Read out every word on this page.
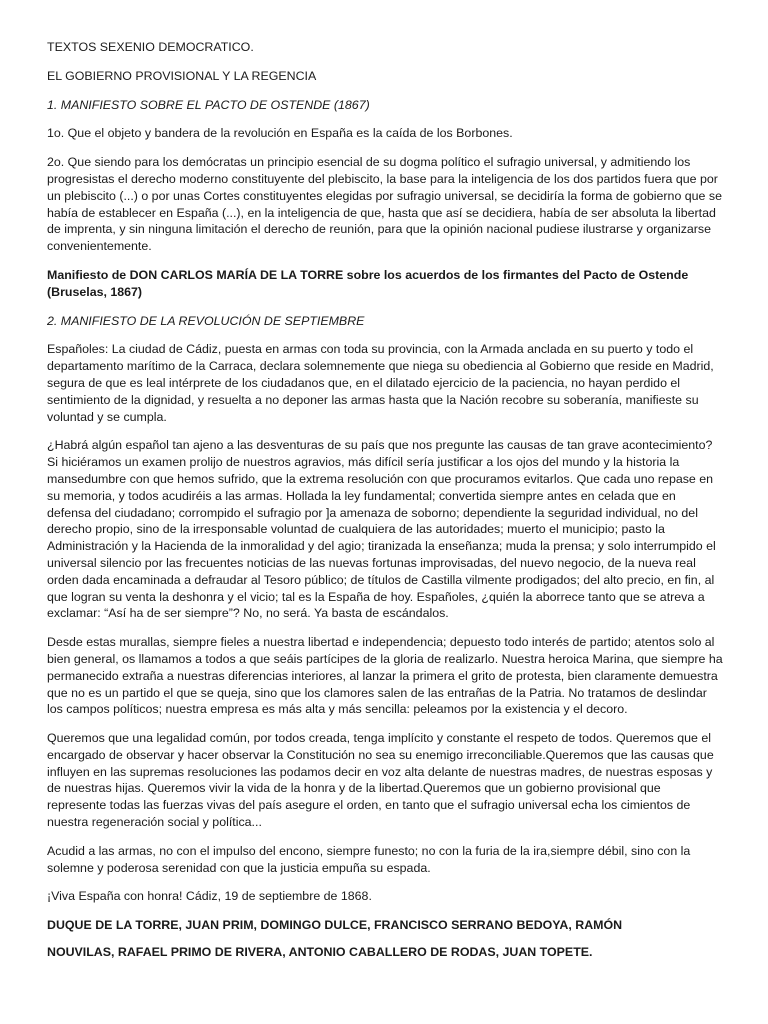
TEXTOS SEXENIO DEMOCRATICO.

EL GOBIERNO PROVISIONAL Y LA REGENCIA

1. MANIFIESTO SOBRE EL PACTO DE OSTENDE (1867)

1o. Que el objeto y bandera de la revolución en España es la caída de los Borbones.

2o. Que siendo para los demócratas un principio esencial de su dogma político el sufragio universal, y admitiendo los progresistas el derecho moderno constituyente del plebiscito, la base para la inteligencia de los dos partidos fuera que por un plebiscito (...) o por unas Cortes constituyentes elegidas por sufragio universal, se decidiría la forma de gobierno que se había de establecer en España (...), en la inteligencia de que, hasta que así se decidiera, había de ser absoluta la libertad de imprenta, y sin ninguna limitación el derecho de reunión, para que la opinión nacional pudiese ilustrarse y organizarse convenientemente.

Manifiesto de DON CARLOS MARÍA DE LA TORRE sobre los acuerdos de los firmantes del Pacto de Ostende (Bruselas, 1867)

2. MANIFIESTO DE LA REVOLUCIÓN DE SEPTIEMBRE

Españoles: La ciudad de Cádiz, puesta en armas con toda su provincia, con la Armada anclada en su puerto y todo el departamento marítimo de la Carraca, declara solemnemente que niega su obediencia al Gobierno que reside en Madrid, segura de que es leal intérprete de los ciudadanos que, en el dilatado ejercicio de la paciencia, no hayan perdido el sentimiento de la dignidad, y resuelta a no deponer las armas hasta que la Nación recobre su soberanía, manifieste su voluntad y se cumpla.

¿Habrá algún español tan ajeno a las desventuras de su país que nos pregunte las causas de tan grave acontecimiento? Si hiciéramos un examen prolijo de nuestros agravios, más difícil sería justificar a los ojos del mundo y la historia la mansedumbre con que hemos sufrido, que la extrema resolución con que procuramos evitarlos. Que cada uno repase en su memoria, y todos acudiréis a las armas. Hollada la ley fundamental; convertida siempre antes en celada que en defensa del ciudadano; corrompido el sufragio por ]a amenaza de soborno; dependiente la seguridad individual, no del derecho propio, sino de la irresponsable voluntad de cualquiera de las autoridades; muerto el municipio; pasto la Administración y la Hacienda de la inmoralidad y del agio; tiranizada la enseñanza; muda la prensa; y solo interrumpido el universal silencio por las frecuentes noticias de las nuevas fortunas improvisadas, del nuevo negocio, de la nueva real orden dada encaminada a defraudar al Tesoro público; de títulos de Castilla vilmente prodigados; del alto precio, en fin, al que logran su venta la deshonra y el vicio; tal es la España de hoy. Españoles, ¿quién la aborrece tanto que se atreva a exclamar: “Así ha de ser siempre”? No, no será. Ya basta de escándalos.

Desde estas murallas, siempre fieles a nuestra libertad e independencia; depuesto todo interés de partido; atentos solo al bien general, os llamamos a todos a que seáis partícipes de la gloria de realizarlo. Nuestra heroica Marina, que siempre ha permanecido extraña a nuestras diferencias interiores, al lanzar la primera el grito de protesta, bien claramente demuestra que no es un partido el que se queja, sino que los clamores salen de las entrañas de la Patria. No tratamos de deslindar los campos políticos; nuestra empresa es más alta y más sencilla: peleamos por la existencia y el decoro.

Queremos que una legalidad común, por todos creada, tenga implícito y constante el respeto de todos. Queremos que el encargado de observar y hacer observar la Constitución no sea su enemigo irreconciliable.Queremos que las causas que influyen en las supremas resoluciones las podamos decir en voz alta delante de nuestras madres, de nuestras esposas y de nuestras hijas. Queremos vivir la vida de la honra y de la libertad.Queremos que un gobierno provisional que represente todas las fuerzas vivas del país asegure el orden, en tanto que el sufragio universal echa los cimientos de nuestra regeneración social y política...

Acudid a las armas, no con el impulso del encono, siempre funesto; no con la furia de la ira,siempre débil, sino con la solemne y poderosa serenidad con que la justicia empuña su espada.

¡Viva España con honra! Cádiz, 19 de septiembre de 1868.

DUQUE DE LA TORRE, JUAN PRIM, DOMINGO DULCE, FRANCISCO SERRANO BEDOYA, RAMÓN

NOUVILAS, RAFAEL PRIMO DE RIVERA, ANTONIO CABALLERO DE RODAS, JUAN TOPETE.
